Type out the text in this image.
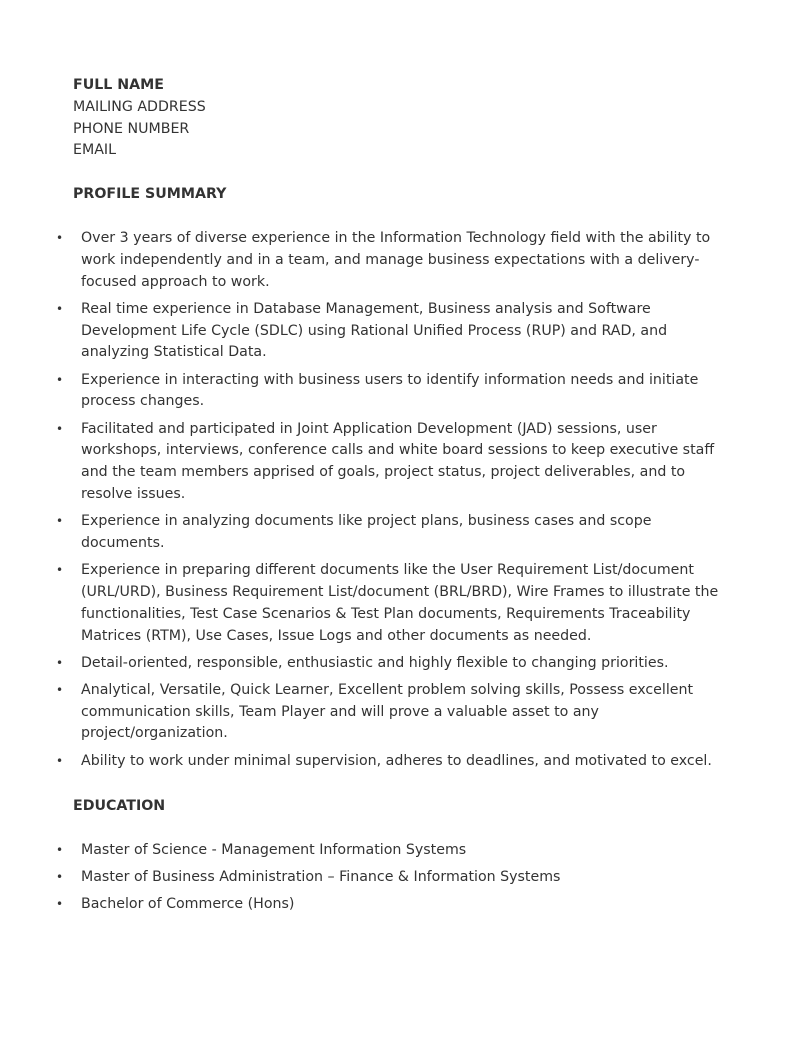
FULL NAME
MAILING ADDRESS
PHONE NUMBER
EMAIL
PROFILE SUMMARY
• Over 3 years of diverse experience in the Information Technology field with the ability to work independently and in a team, and manage business expectations with a delivery-focused approach to work.
• Real time experience in Database Management, Business analysis and Software Development Life Cycle (SDLC) using Rational Unified Process (RUP) and RAD, and analyzing Statistical Data.
• Experience in interacting with business users to identify information needs and initiate process changes.
• Facilitated and participated in Joint Application Development (JAD) sessions, user workshops, interviews, conference calls and white board sessions to keep executive staff and the team members apprised of goals, project status, project deliverables, and to resolve issues.
• Experience in analyzing documents like project plans, business cases and scope documents.
• Experience in preparing different documents like the User Requirement List/document (URL/URD), Business Requirement List/document (BRL/BRD), Wire Frames to illustrate the functionalities, Test Case Scenarios & Test Plan documents, Requirements Traceability Matrices (RTM), Use Cases, Issue Logs and other documents as needed.
• Detail-oriented, responsible, enthusiastic and highly flexible to changing priorities.
• Analytical, Versatile, Quick Learner, Excellent problem solving skills, Possess excellent communication skills, Team Player and will prove a valuable asset to any project/organization.
• Ability to work under minimal supervision, adheres to deadlines, and motivated to excel.
EDUCATION
• Master of Science - Management Information Systems
• Master of Business Administration – Finance & Information Systems
• Bachelor of Commerce (Hons)
